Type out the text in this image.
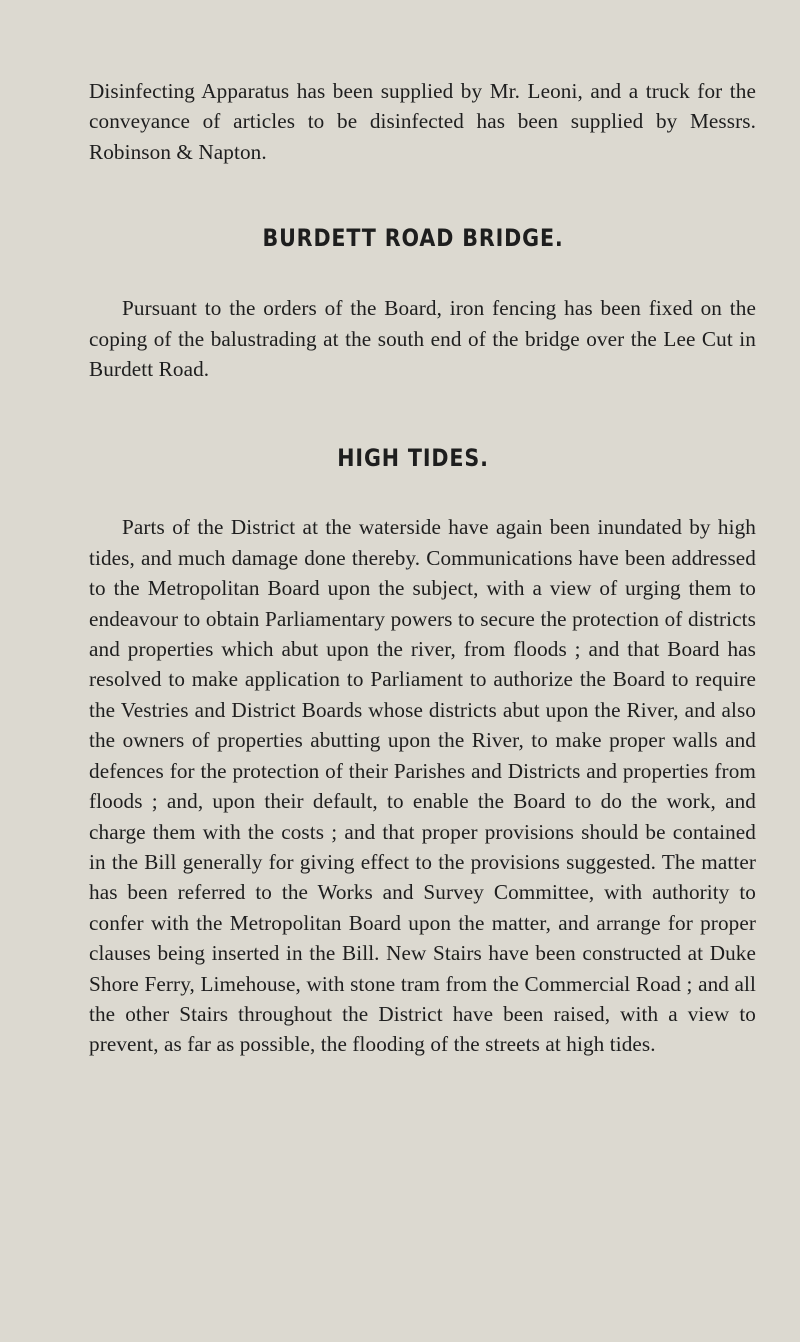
Disinfecting Apparatus has been supplied by Mr. Leoni, and a truck for the conveyance of articles to be disinfected has been supplied by Messrs. Robinson & Napton.

BURDETT ROAD BRIDGE.

Pursuant to the orders of the Board, iron fencing has been fixed on the coping of the balustrading at the south end of the bridge over the Lee Cut in Burdett Road.

HIGH TIDES.

Parts of the District at the waterside have again been inundated by high tides, and much damage done thereby. Communications have been addressed to the Metropolitan Board upon the subject, with a view of urging them to endeavour to obtain Parliamentary powers to secure the protection of districts and properties which abut upon the river, from floods ; and that Board has resolved to make application to Parliament to authorize the Board to require the Vestries and District Boards whose districts abut upon the River, and also the owners of properties abutting upon the River, to make proper walls and defences for the protection of their Parishes and Districts and properties from floods ; and, upon their default, to enable the Board to do the work, and charge them with the costs ; and that proper provisions should be contained in the Bill generally for giving effect to the provisions suggested. The matter has been referred to the Works and Survey Committee, with authority to confer with the Metropolitan Board upon the matter, and arrange for proper clauses being inserted in the Bill. New Stairs have been constructed at Duke Shore Ferry, Limehouse, with stone tram from the Commercial Road ; and all the other Stairs throughout the District have been raised, with a view to prevent, as far as possible, the flooding of the streets at high tides.
